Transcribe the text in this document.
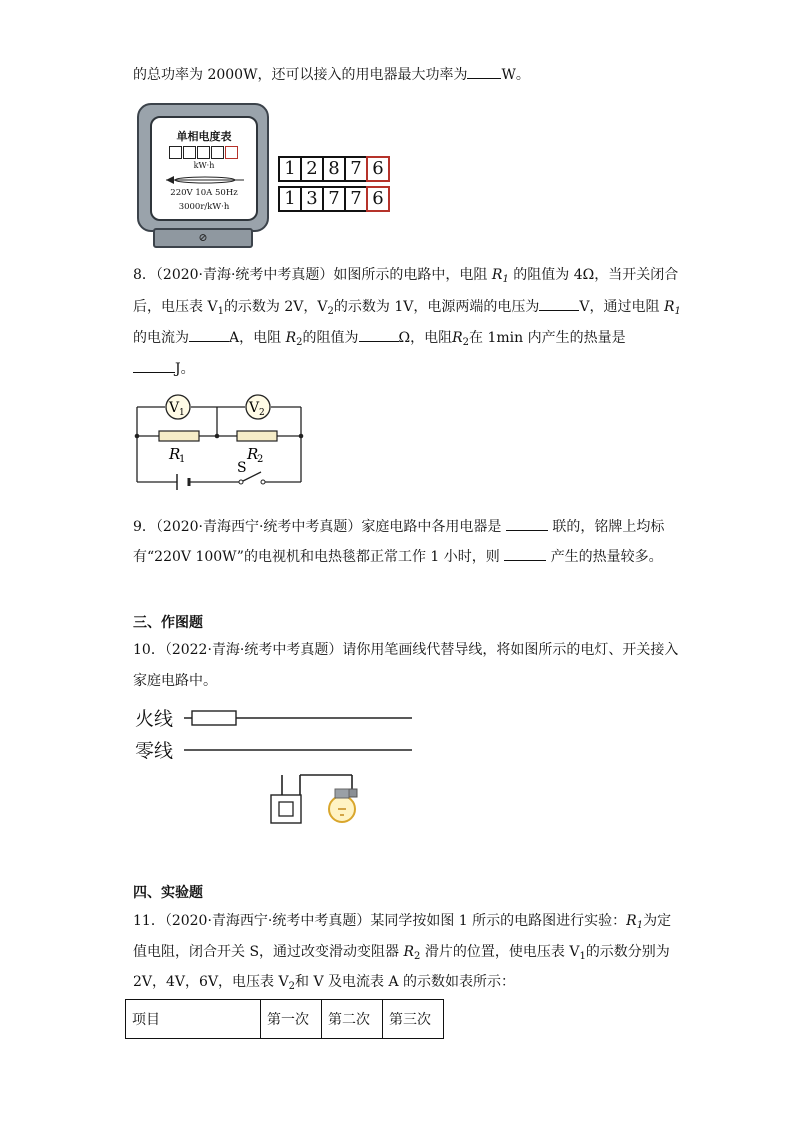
的总功率为 2000W，还可以接入的用电器最大功率为 W。
单相电度表
kW·h
220V 10A 50Hz
3000r/kW·h
⊘
1 2 8 7 6
1 3 7 7 6
8．（2020·青海·统考中考真题）如图所示的电路中，电阻 $R_1$ 的阻值为 4Ω，当开关闭合
后，电压表 $V_1$的示数为 2V，$V_2$的示数为 1V，电源两端的电压为	V，通过电阻 $R_1$
的电流为	A，电阻 $R_2$的阻值为	Ω，电阻$R_2$在 1min 内产生的热量是
J。
V 1	V 2
R
1	R
2
S
9．（2020·青海西宁·统考中考真题）家庭电路中各用电器是	联的，铭牌上均标
有“220V 100W”的电视机和电热毯都正常工作 1 小时，则	产生的热量较多。
三、作图题
10．（2022·青海·统考中考真题）请你用笔画线代替导线，将如图所示的电灯、开关接入
家庭电路中。
火线
零线
四、实验题
11．（2020·青海西宁·统考中考真题）某同学按如图 1 所示的电路图进行实验：$R_1$为定
值电阻，闭合开关 S，通过改变滑动变阻器 $R_2$ 滑片的位置，使电压表 $V_1$的示数分别为
2V，4V，6V，电压表 $V_2$和 V 及电流表 A 的示数如表所示：
项目	第一次	第二次	第三次
